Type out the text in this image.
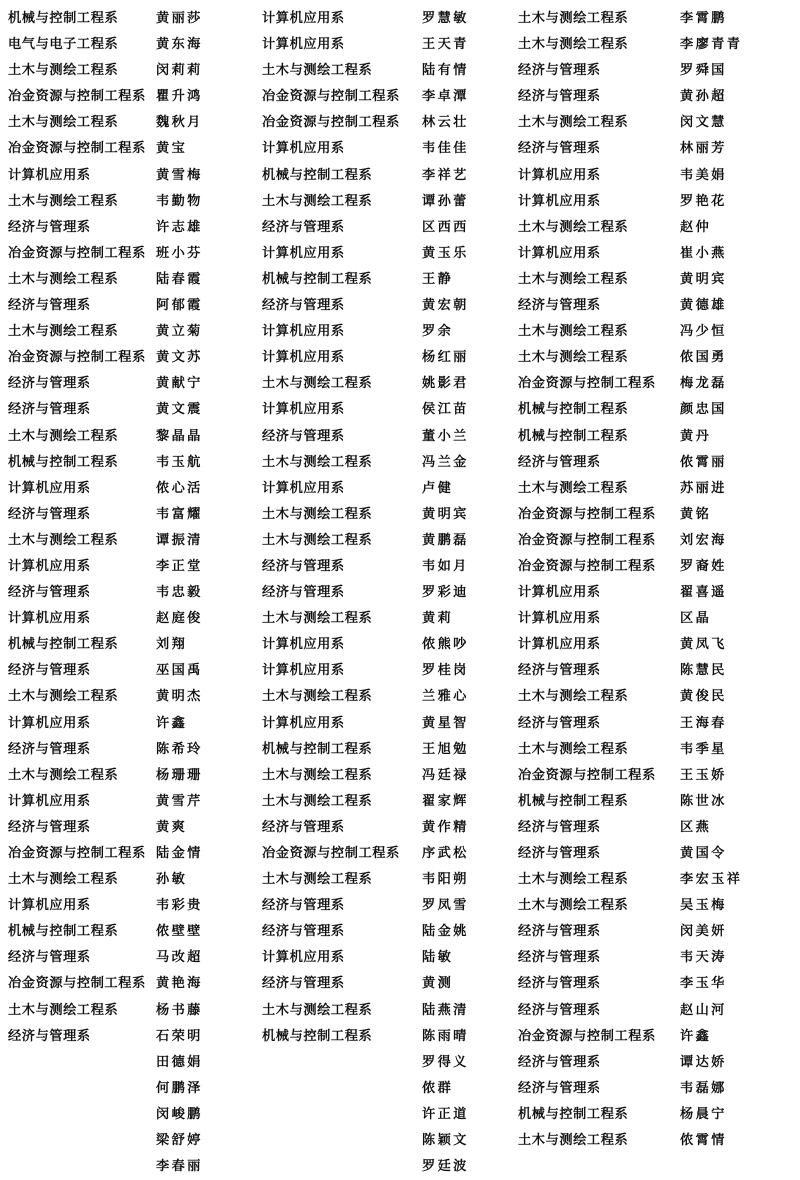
机械与控制工程系
电气与电子工程系
土木与测绘工程系
冶金资源与控制工程系
土木与测绘工程系
冶金资源与控制工程系
计算机应用系
土木与测绘工程系
经济与管理系
冶金资源与控制工程系
土木与测绘工程系
经济与管理系
土木与测绘工程系
冶金资源与控制工程系
经济与管理系
经济与管理系
土木与测绘工程系
机械与控制工程系
计算机应用系
经济与管理系
土木与测绘工程系
计算机应用系
经济与管理系
计算机应用系
机械与控制工程系
经济与管理系
土木与测绘工程系
计算机应用系
经济与管理系
土木与测绘工程系
计算机应用系
经济与管理系
冶金资源与控制工程系
土木与测绘工程系
计算机应用系
机械与控制工程系
经济与管理系
冶金资源与控制工程系
土木与测绘工程系
经济与管理系
黄丽莎
黄东海
闵莉莉
瞿升鸿
魏秋月
黄宝
黄雪梅
韦勤物
许志雄
班小芬
陆春霞
阿郁霞
黄立菊
黄文苏
黄献宁
黄文震
黎晶晶
韦玉航
侬心活
韦富耀
谭振清
李正堂
韦忠毅
赵庭俊
刘翔
巫国禹
黄明杰
许鑫
陈希玲
杨珊珊
黄雪芹
黄爽
陆金情
孙敏
韦彩贵
侬壁壁
马改超
黄艳海
杨书藤
石荣明
田德娟
何鹏泽
闵峻鹏
梁舒婷
李春丽
计算机应用系
计算机应用系
土木与测绘工程系
冶金资源与控制工程系
冶金资源与控制工程系
计算机应用系
机械与控制工程系
土木与测绘工程系
经济与管理系
计算机应用系
机械与控制工程系
经济与管理系
计算机应用系
计算机应用系
土木与测绘工程系
计算机应用系
经济与管理系
土木与测绘工程系
计算机应用系
土木与测绘工程系
土木与测绘工程系
经济与管理系
经济与管理系
土木与测绘工程系
计算机应用系
计算机应用系
土木与测绘工程系
计算机应用系
机械与控制工程系
土木与测绘工程系
土木与测绘工程系
经济与管理系
冶金资源与控制工程系
土木与测绘工程系
经济与管理系
经济与管理系
计算机应用系
经济与管理系
土木与测绘工程系
机械与控制工程系
罗慧敏
王天青
陆有情
李卓潭
林云壮
韦佳佳
李祥艺
谭孙蕾
区西西
黄玉乐
王静
黄宏朝
罗余
杨红丽
姚影君
侯江苗
董小兰
冯兰金
卢健
黄明宾
黄鹏磊
韦如月
罗彩迪
黄莉
侬熊吵
罗桂岗
兰雅心
黄星智
王旭勉
冯廷禄
翟家辉
黄作精
序武松
韦阳朔
罗凤雪
陆金姚
陆敏
黄测
陆燕清
陈雨晴
罗得义
侬群
许正道
陈颖文
罗廷波
土木与测绘工程系
土木与测绘工程系
经济与管理系
经济与管理系
土木与测绘工程系
经济与管理系
计算机应用系
计算机应用系
土木与测绘工程系
计算机应用系
土木与测绘工程系
经济与管理系
土木与测绘工程系
土木与测绘工程系
冶金资源与控制工程系
机械与控制工程系
机械与控制工程系
经济与管理系
土木与测绘工程系
冶金资源与控制工程系
冶金资源与控制工程系
冶金资源与控制工程系
计算机应用系
计算机应用系
计算机应用系
经济与管理系
土木与测绘工程系
经济与管理系
土木与测绘工程系
冶金资源与控制工程系
机械与控制工程系
经济与管理系
经济与管理系
土木与测绘工程系
土木与测绘工程系
经济与管理系
经济与管理系
经济与管理系
经济与管理系
冶金资源与控制工程系
经济与管理系
经济与管理系
机械与控制工程系
土木与测绘工程系
李霄鹏
李廖青青
罗舜国
黄孙超
闵文慧
林丽芳
韦美娟
罗艳花
赵仲
崔小燕
黄明宾
黄德雄
冯少恒
侬国勇
梅龙磊
颜忠国
黄丹
侬霄丽
苏丽进
黄铭
刘宏海
罗裔姓
翟喜遥
区晶
黄凤飞
陈慧民
黄俊民
王海春
韦季星
王玉娇
陈世冰
区燕
黄国令
李宏玉祥
吴玉梅
闵美妍
韦天涛
李玉华
赵山河
许鑫
谭达娇
韦磊娜
杨晨宁
侬霄情
